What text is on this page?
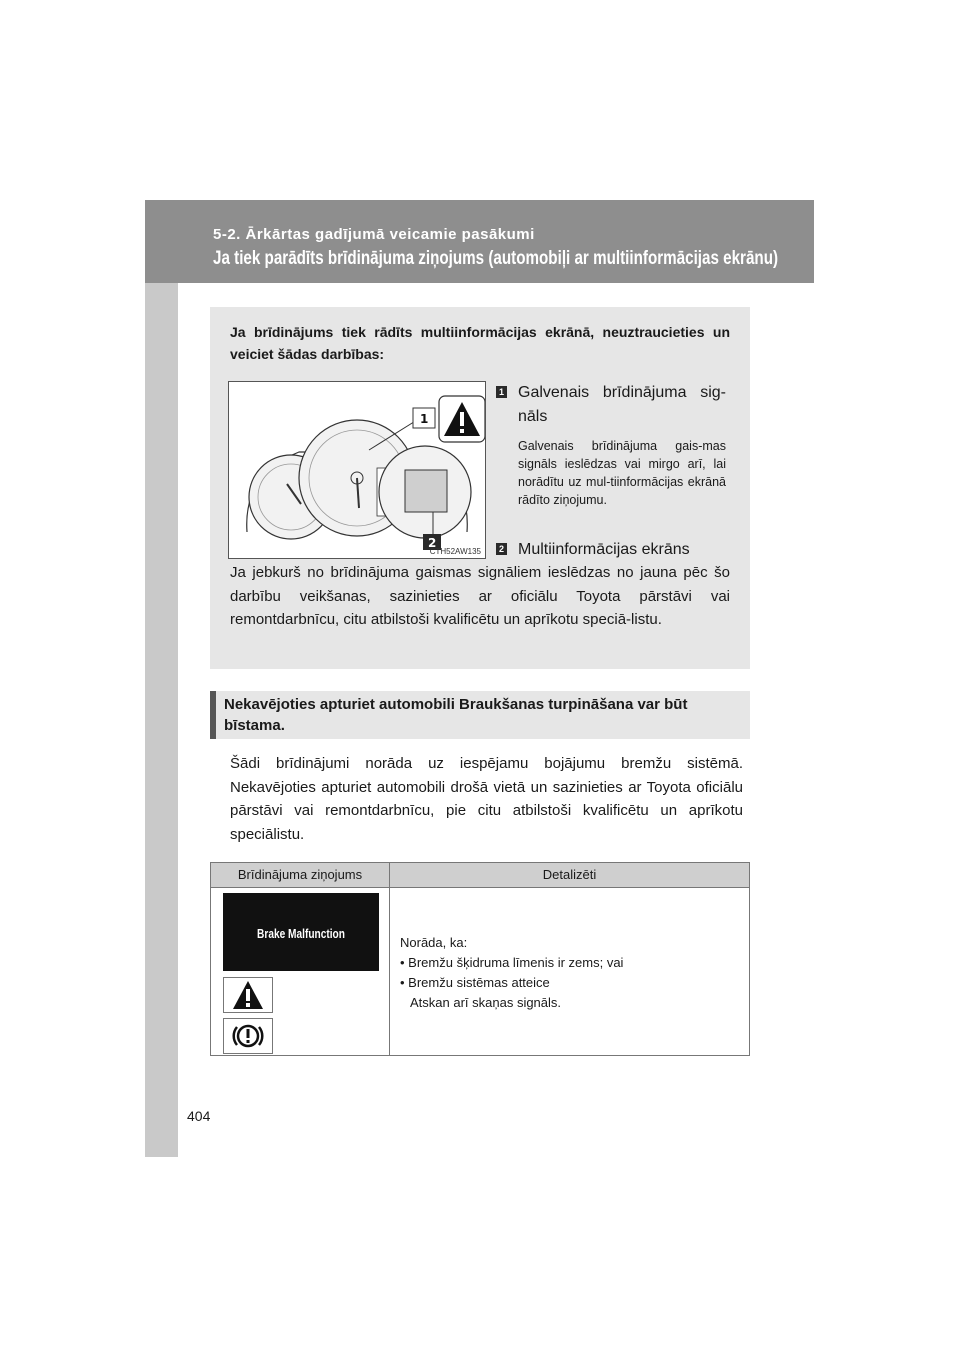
5-2. Ārkārtas gadījumā veicamie pasākumi
Ja tiek parādīts brīdinājuma ziņojums (automobiļi ar multiinformācijas ekrānu)

Ja brīdinājums tiek rādīts multiinformācijas ekrānā, neuztraucieties un veiciet šādas darbības:

1
2
CTH52AW135
1 Galvenais brīdinājuma sig-nāls
Galvenais brīdinājuma gais-mas signāls ieslēdzas vai mirgo arī, lai norādītu uz mul-tiinformācijas ekrānā rādīto ziņojumu.
2 Multiinformācijas ekrāns

Ja jebkurš no brīdinājuma gaismas signāliem ieslēdzas no jauna pēc šo darbību veikšanas, sazinieties ar oficiālu Toyota pārstāvi vai remontdarbnīcu, citu atbilstoši kvalificētu un aprīkotu speciā-listu.

Nekavējoties apturiet automobili Braukšanas turpināšana var būt bīstama.

Šādi brīdinājumi norāda uz iespējamu bojājumu bremžu sistēmā. Nekavējoties apturiet automobili drošā vietā un sazinieties ar Toyota oficiālu pārstāvi vai remontdarbnīcu, pie citu atbilstoši kvalificētu un aprīkotu speciālistu.

Brīdinājuma ziņojums	Detalizēti
Brake Malfunction
Norāda, ka:
• Bremžu šķidruma līmenis ir zems; vai
• Bremžu sistēmas atteice
Atskan arī skaņas signāls.
404
